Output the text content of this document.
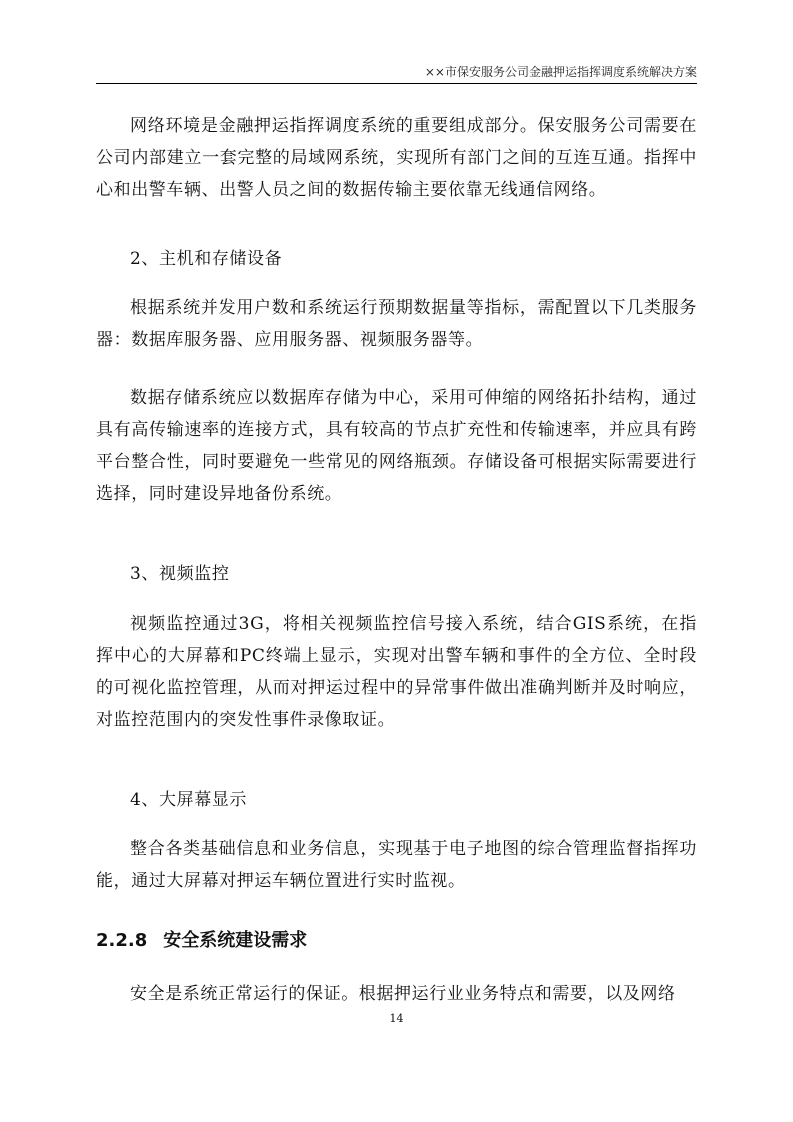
××市保安服务公司金融押运指挥调度系统解决方案
网络环境是金融押运指挥调度系统的重要组成部分。保安服务公司需要在公司内部建立一套完整的局域网系统，实现所有部门之间的互连互通。指挥中心和出警车辆、出警人员之间的数据传输主要依靠无线通信网络。
2、主机和存储设备
根据系统并发用户数和系统运行预期数据量等指标，需配置以下几类服务器：数据库服务器、应用服务器、视频服务器等。
数据存储系统应以数据库存储为中心，采用可伸缩的网络拓扑结构，通过具有高传输速率的连接方式，具有较高的节点扩充性和传输速率，并应具有跨平台整合性，同时要避免一些常见的网络瓶颈。存储设备可根据实际需要进行选择，同时建设异地备份系统。
3、视频监控
视频监控通过3G，将相关视频监控信号接入系统，结合GIS系统，在指挥中心的大屏幕和PC终端上显示，实现对出警车辆和事件的全方位、全时段的可视化监控管理，从而对押运过程中的异常事件做出准确判断并及时响应，对监控范围内的突发性事件录像取证。
4、大屏幕显示
整合各类基础信息和业务信息，实现基于电子地图的综合管理监督指挥功能，通过大屏幕对押运车辆位置进行实时监视。
2.2.8 安全系统建设需求
安全是系统正常运行的保证。根据押运行业业务特点和需要，以及网络
14
